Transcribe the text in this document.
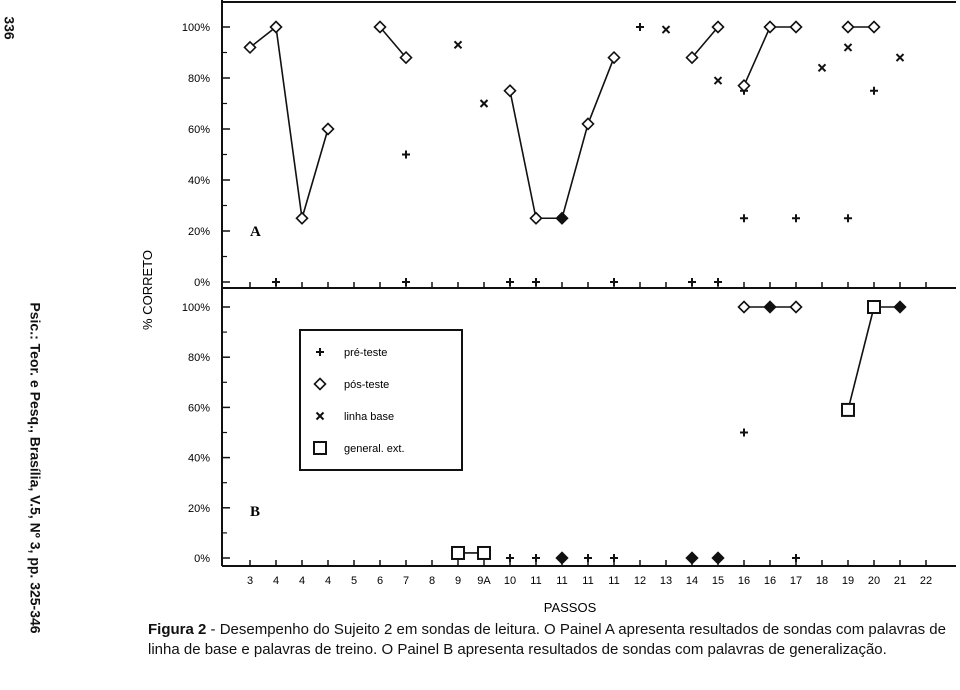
0%
20%
40%
60%
80%
100%
0%
20%
40%
60%
80%
100%
3 4 4 4 5 6 7 8 9 9A 10 11 11 11 11 12 13 14 15 16 16 17 18 19 20 21 22
A
B
pré-teste
pós-teste
linha base
general. ext.
% CORRETO
PASSOS
336
Psic.: Teor. e Pesq., Brasília, V.5, Nº 3, pp. 325-346	Figura 2 - Desempenho do Sujeito 2 em sondas de leitura. O Painel A apresenta resultados de sondas com palavras de linha de base e palavras de treino. O Painel B apresenta resultados de sondas com palavras de generalização.
